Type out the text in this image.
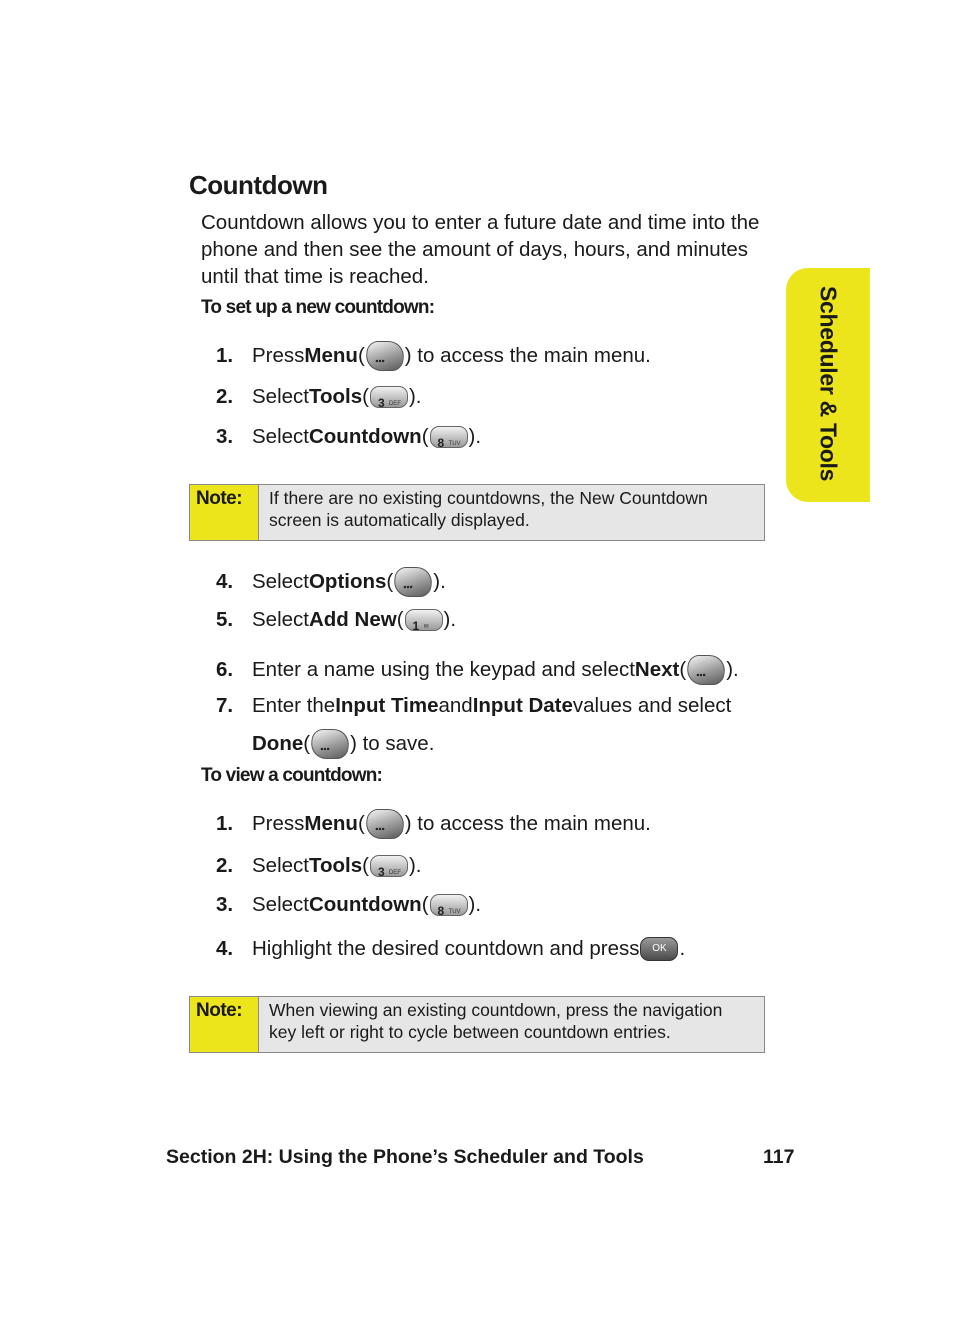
Countdown
Countdown allows you to enter a future date and time into the phone and then see the amount of days, hours, and minutes until that time is reached.
To set up a new countdown:
1. Press Menu ( ••• ) to access the main menu.
2. Select Tools ( 3 DEF ).
3. Select Countdown ( 8 TUV ).
Note:	If there are no existing countdowns, the New Countdown screen is automatically displayed.
4. Select Options ( ••• ).
5. Select Add New ( 1 ✉ ).
6. Enter a name using the keypad and select Next ( ••• ).
7. Enter the Input Time and Input Date values and select
Done ( ••• ) to save.
To view a countdown:
1. Press Menu ( ••• ) to access the main menu.
2. Select Tools ( 3 DEF ).
3. Select Countdown ( 8 TUV ).
4. Highlight the desired countdown and press	OK .
Note:	When viewing an existing countdown, press the navigation key left or right to cycle between countdown entries.
Scheduler & Tools
Section 2H: Using the Phone’s Scheduler and Tools	117
